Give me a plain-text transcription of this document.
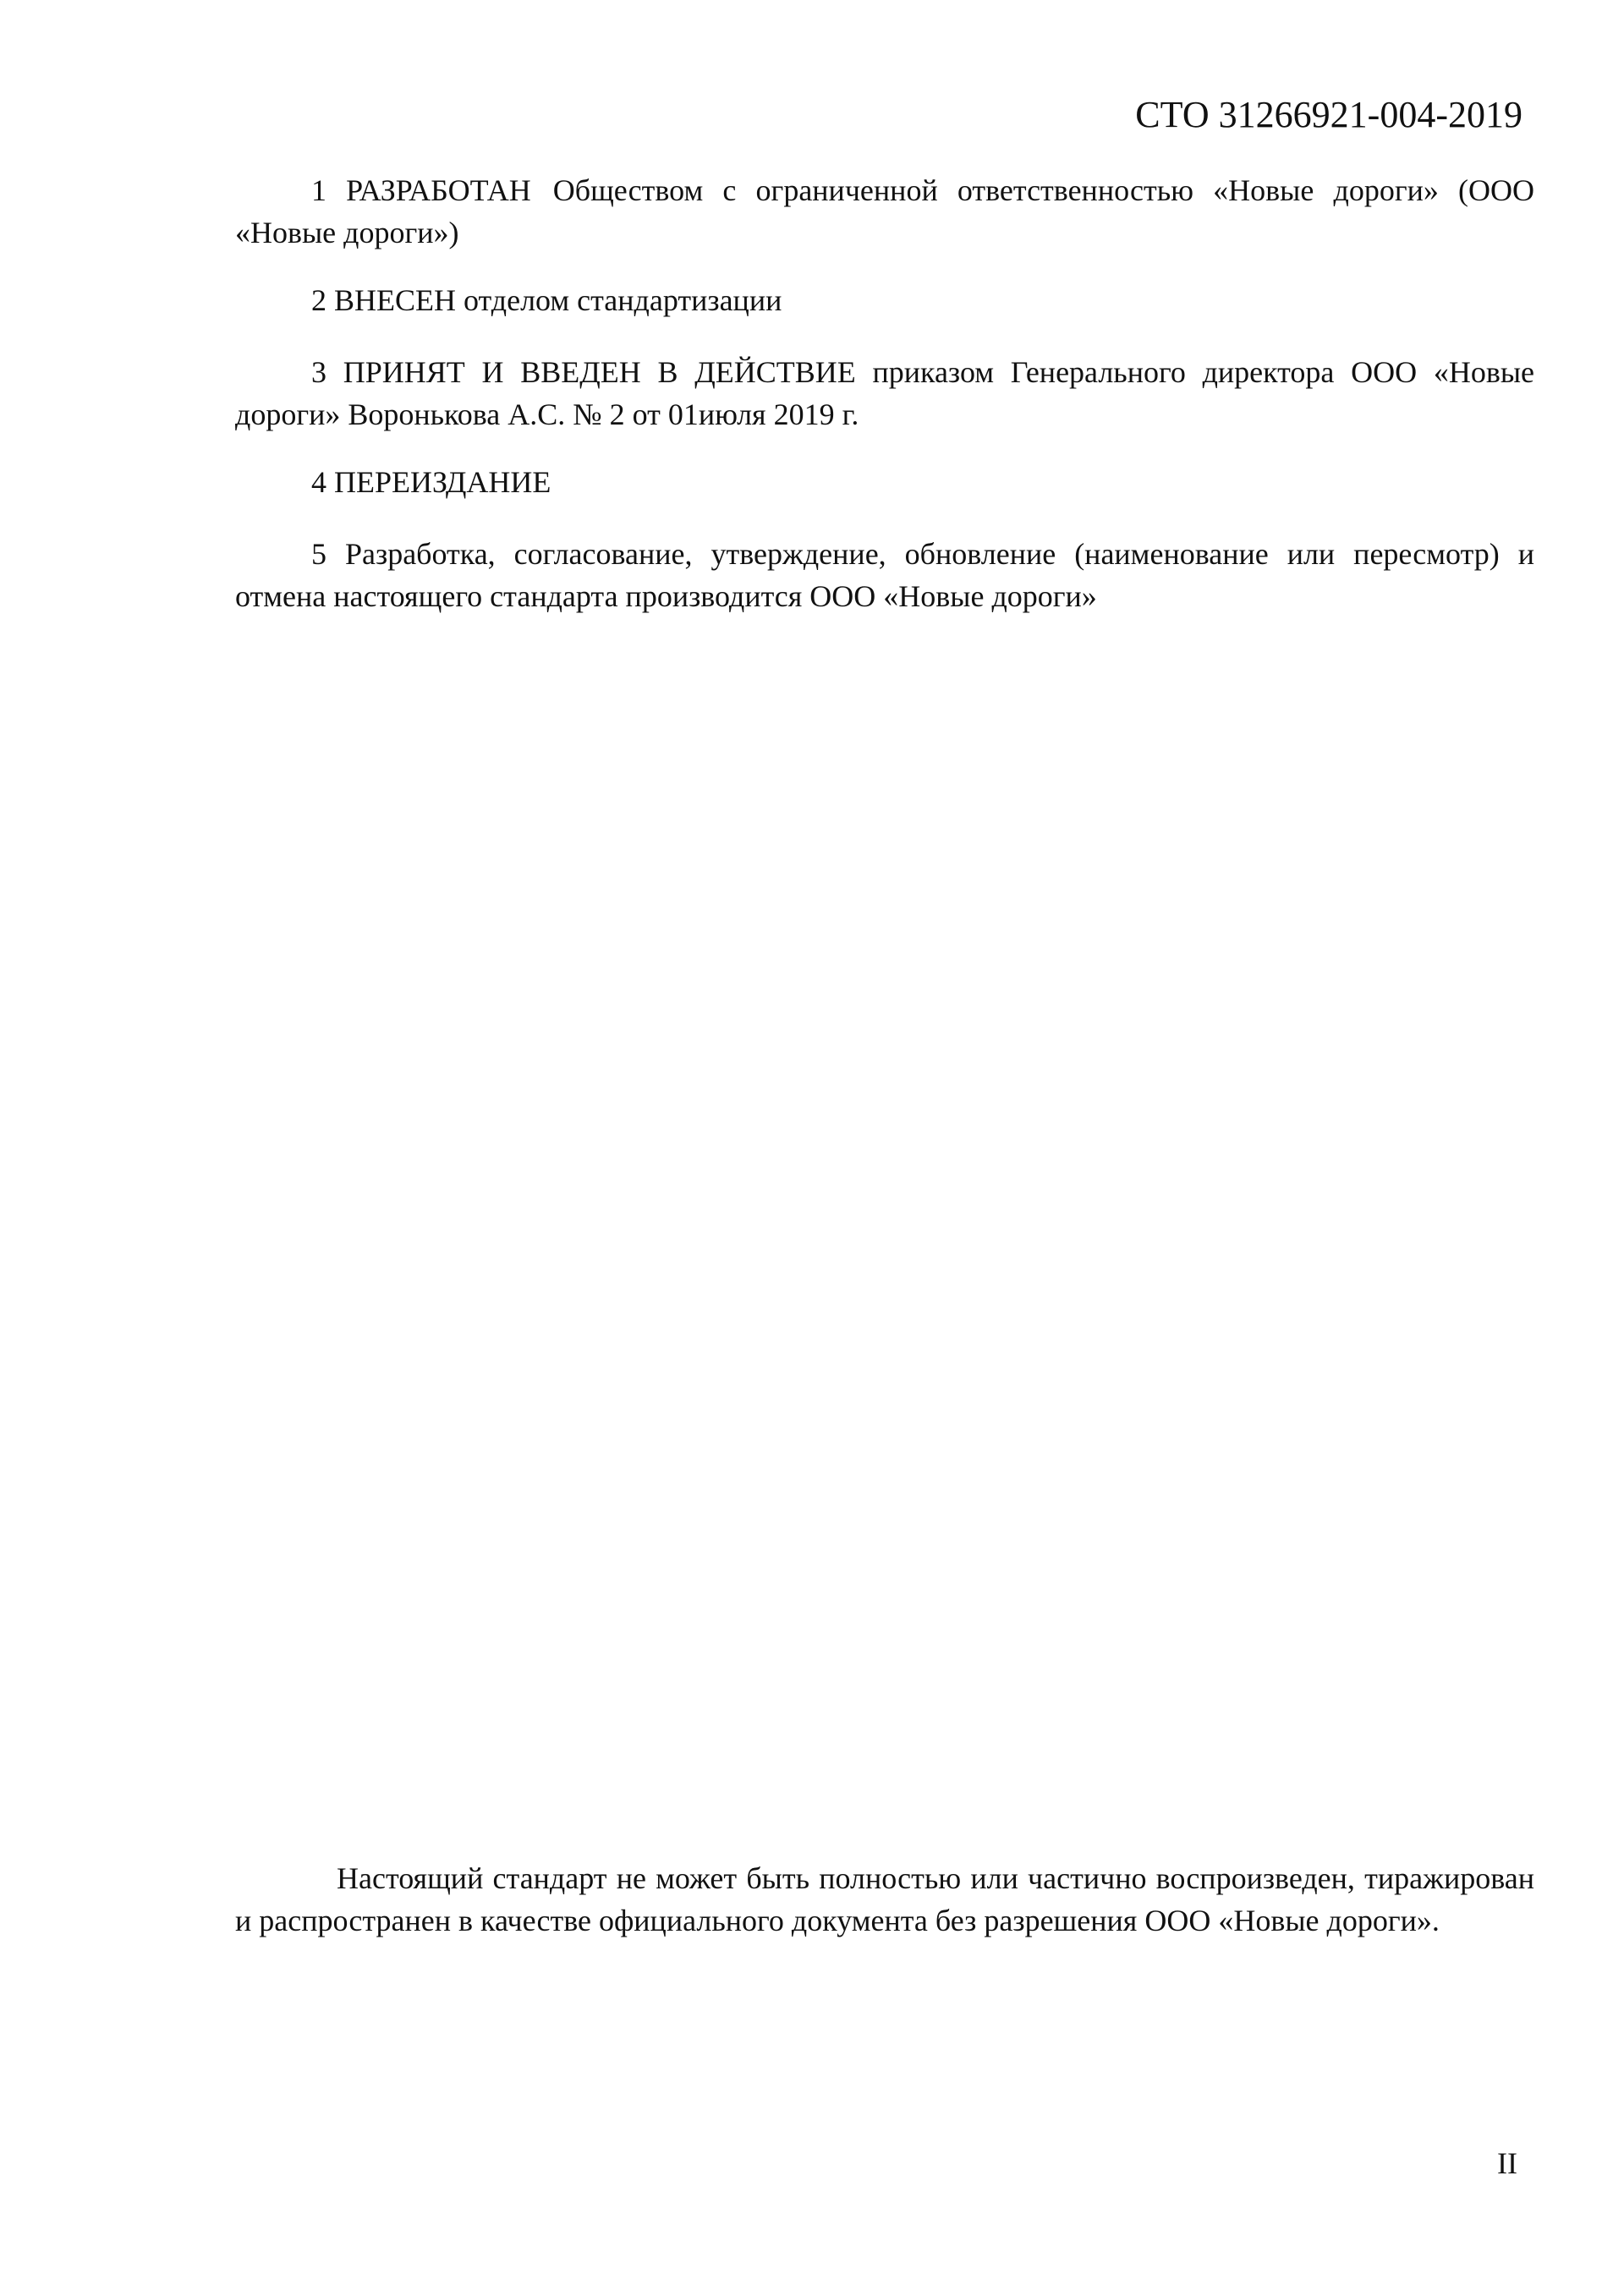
СТО 31266921-004-2019

1 РАЗРАБОТАН Обществом с ограниченной ответственностью «Новые дороги» (ООО «Новые дороги»)

2 ВНЕСЕН отделом стандартизации

3 ПРИНЯТ И ВВЕДЕН В ДЕЙСТВИЕ приказом Генерального директора ООО «Новые дороги» Воронькова А.С. № 2 от 01июля 2019 г.

4 ПЕРЕИЗДАНИЕ

5 Разработка, согласование, утверждение, обновление (наименование или пересмотр) и отмена настоящего стандарта производится ООО «Новые дороги»

Настоящий стандарт не может быть полностью или частично воспроизведен, тиражирован и распространен в качестве официального документа без разрешения ООО «Новые дороги».

II
